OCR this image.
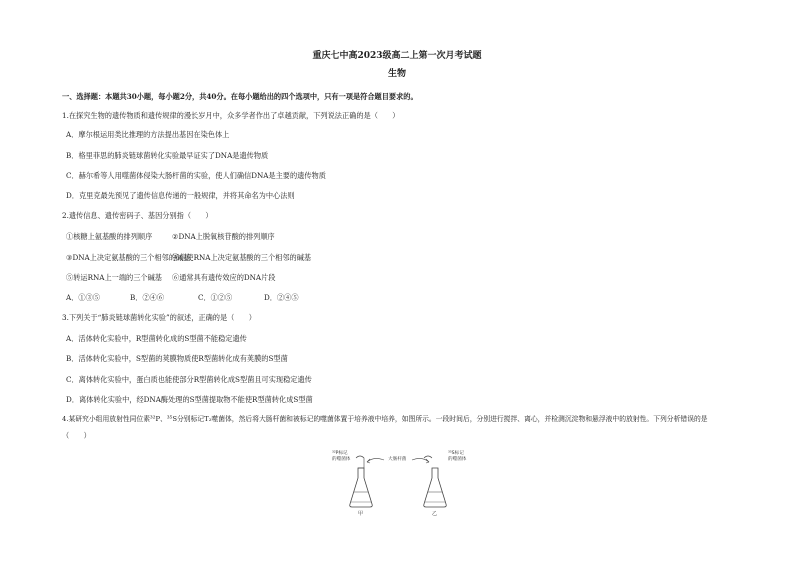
重庆七中高2023级高二上第一次月考试题
生物
一、选择题：本题共30小题，每小题2分，共40分。在每小题给出的四个选项中，只有一项是符合题目要求的。
1.在探究生物的遗传物质和遗传规律的漫长岁月中，众多学者作出了卓越贡献，下列说法正确的是（　　）
A．摩尔根运用类比推理的方法提出基因在染色体上
B．格里菲思的肺炎链球菌转化实验最早证实了DNA是遗传物质
C．赫尔希等人用噬菌体侵染大肠杆菌的实验，使人们确信DNA是主要的遗传物质
D．克里克最先预见了遗传信息传递的一般规律，并将其命名为中心法则
2.遗传信息、遗传密码子、基因分别指（　　）
①核糖上氨基酸的排列顺序	②DNA上脱氧核苷酸的排列顺序
③DNA上决定氨基酸的三个相邻的碱基
④信使RNA上决定氨基酸的三个相邻的碱基
⑤转运RNA上一端的三个碱基 ⑥通常具有遗传效应的DNA片段
A．①③⑤	B．②④⑥	C．①②⑤	D．②④⑤
3.下列关于“肺炎链球菌转化实验”的叙述，正确的是（　　）
A．活体转化实验中，R型菌转化成的S型菌不能稳定遗传
B．活体转化实验中，S型菌的荚膜物质使R型菌转化成有荚膜的S型菌
C．离体转化实验中，蛋白质也能使部分R型菌转化成S型菌且可实现稳定遗传
D．离体转化实验中，经DNA酶处理的S型菌提取物不能使R型菌转化成S型菌
4.某研究小组用放射性同位素³²P、³⁵S分别标记T₂噬菌体，然后将大肠杆菌和被标记的噬菌体置于培养液中培养，如图所示。一段时间后，分别进行搅拌、离心，并检测沉淀物和悬浮液中的放射性。下列分析错误的是
（　　）
³²P标记
的噬菌体	大肠杆菌
³⁵S标记
的噬菌体
甲	乙
